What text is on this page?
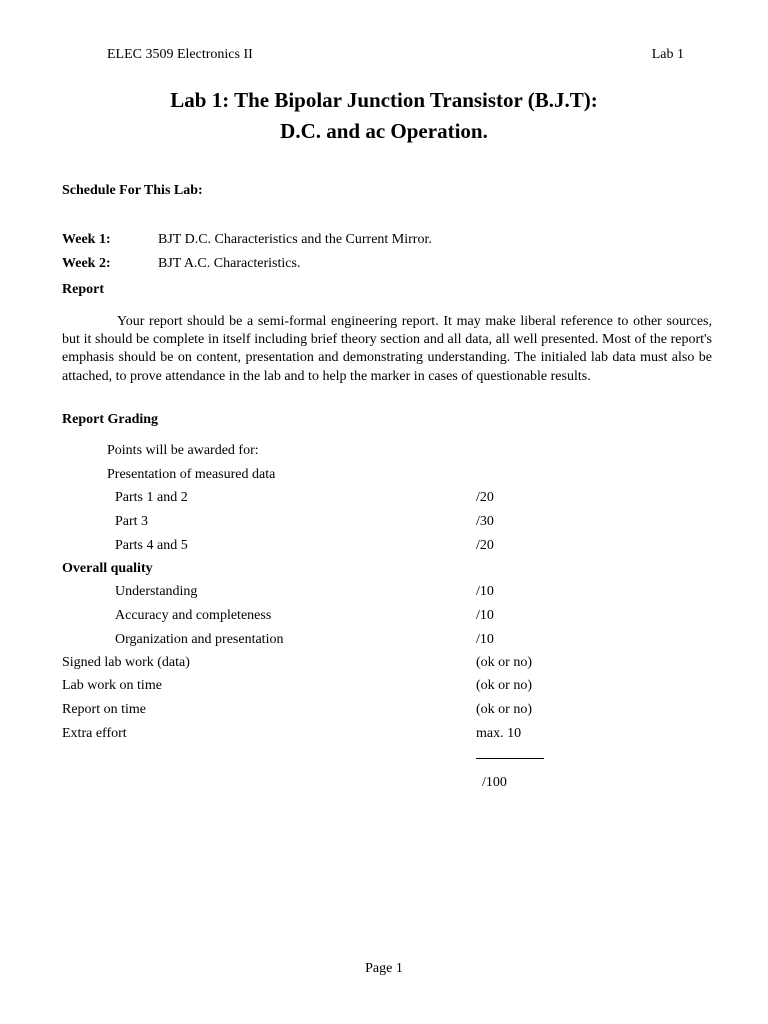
ELEC 3509 Electronics II	Lab 1
Lab 1: The Bipolar Junction Transistor (B.J.T):
D.C. and ac Operation.
Schedule For This Lab:
Week 1:	BJT D.C. Characteristics and the Current Mirror.
Week 2:	BJT A.C. Characteristics.
Report
Your report should be a semi-formal engineering report. It may make liberal reference to other sources, but it should be complete in itself including brief theory section and all data, all well presented. Most of the report's emphasis should be on content, presentation and demonstrating understanding. The initialed lab data must also be attached, to prove attendance in the lab and to help the marker in cases of questionable results.
Report Grading
Points will be awarded for:
Presentation of measured data
Parts 1 and 2	/20
Part 3	/30
Parts 4 and 5	/20
Overall quality
Understanding	/10
Accuracy and completeness	/10
Organization and presentation	/10
Signed lab work (data)	(ok or no)
Lab work on time	(ok or no)
Report on time	(ok or no)
Extra effort	max. 10
/100
Page 1
